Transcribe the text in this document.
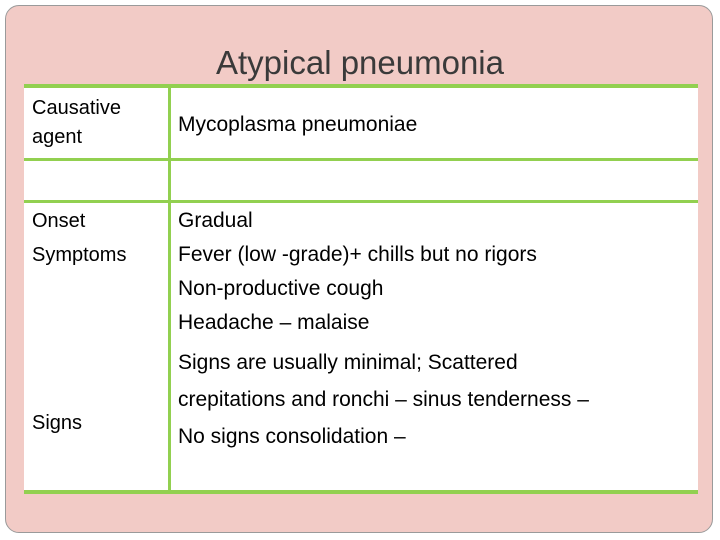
Atypical pneumonia
Causative
agent
Mycoplasma pneumoniae
Onset
Symptoms
Gradual
Fever (low -grade)+ chills but no rigors
Non-productive cough
Headache – malaise
Signs
Signs are usually minimal; Scattered
crepitations and ronchi – sinus tenderness –
No signs consolidation –
